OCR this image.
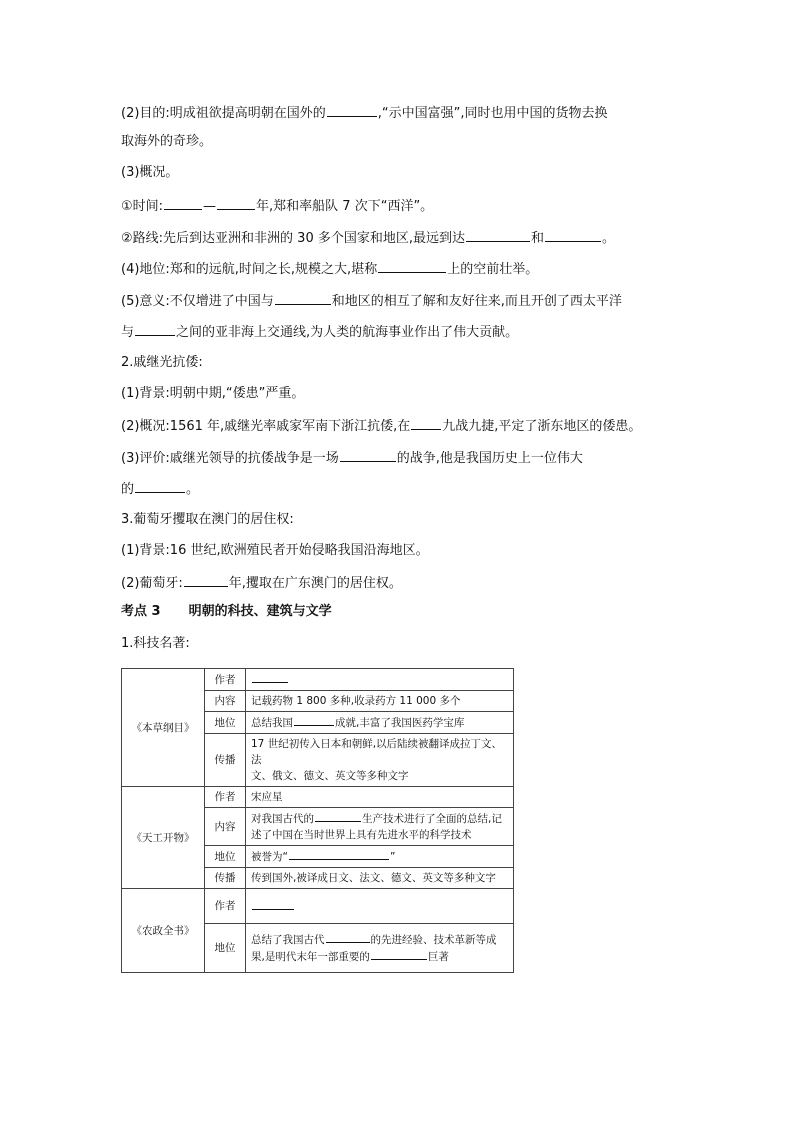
(2)目的:明成祖欲提高明朝在国外的	,“示中国富强”,同时也用中国的货物去换
取海外的奇珍。
(3)概况。
①时间:	—	年,郑和率船队 7 次下“西洋”。
②路线:先后到达亚洲和非洲的 30 多个国家和地区,最远到达	和	。
(4)地位:郑和的远航,时间之长,规模之大,堪称	上的空前壮举。
(5)意义:不仅增进了中国与	和地区的相互了解和友好往来,而且开创了西太平洋
与	之间的亚非海上交通线,为人类的航海事业作出了伟大贡献。
2.戚继光抗倭:
(1)背景:明朝中期,“倭患”严重。
(2)概况:1561 年,戚继光率戚家军南下浙江抗倭,在 九战九捷,平定了浙东地区的倭患。
(3)评价:戚继光领导的抗倭战争是一场	的战争,他是我国历史上一位伟大
的	。
3.葡萄牙攫取在澳门的居住权:
(1)背景:16 世纪,欧洲殖民者开始侵略我国沿海地区。
(2)葡萄牙:	年,攫取在广东澳门的居住权。
考点 3 明朝的科技、建筑与文学
1.科技名著:
《本草纲目》	作者	
	内容	记载药物 1 800 多种,收录药方 11 000 多个
	地位	总结我国 成就,丰富了我国医药学宝库
	传播	17 世纪初传入日本和朝鲜,以后陆续被翻译成拉丁文、法
文、俄文、德文、英文等多种文字
《天工开物》	作者	宋应星
	内容	对我国古代的 生产技术进行了全面的总结,记
述了中国在当时世界上具有先进水平的科学技术
	地位	被誉为“ ”
	传播	传到国外,被译成日文、法文、德文、英文等多种文字
《农政全书》	作者	
	地位	总结了我国古代 的先进经验、技术革新等成
果,是明代末年一部重要的 巨著
